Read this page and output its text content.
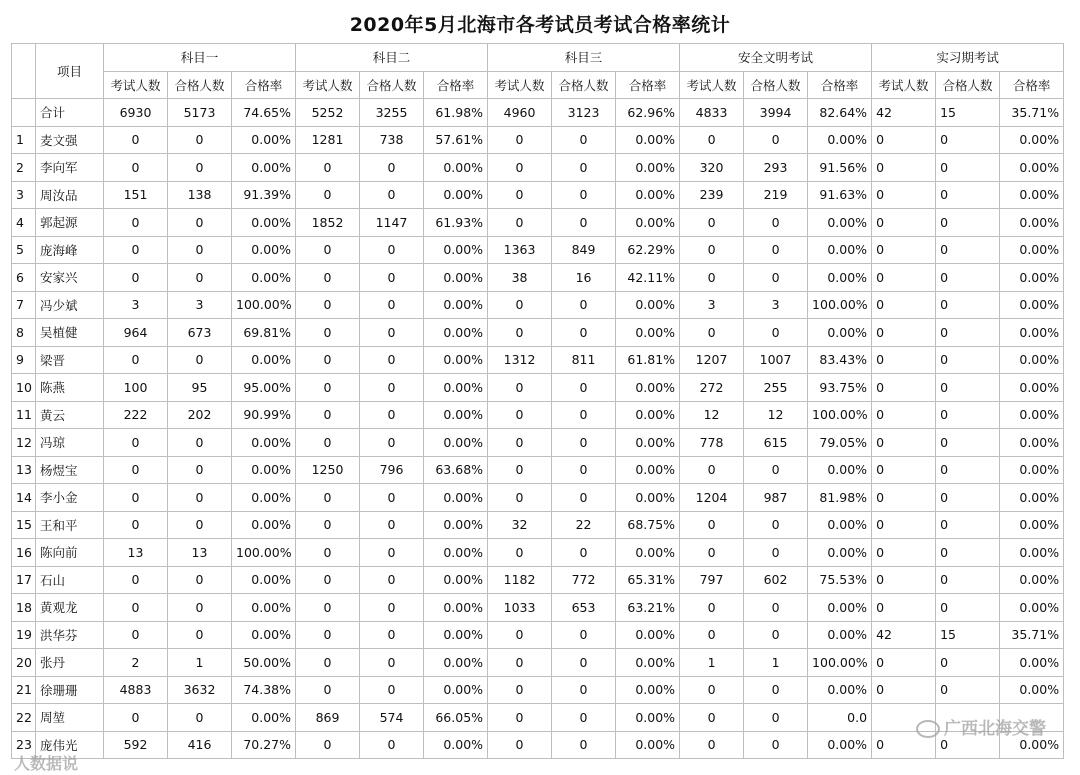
2020年5月北海市各考试员考试合格率统计
	项目	科目一			科目二			科目三			安全文明考试			实习期考试		
		考试人数	合格人数	合格率	考试人数	合格人数	合格率	考试人数	合格人数	合格率	考试人数	合格人数	合格率	考试人数	合格人数	合格率
	合计	6930	5173	74.65%	5252	3255	61.98%	4960	3123	62.96%	4833	3994	82.64%	42	15	35.71%
1	麦文强	0	0	0.00%	1281	738	57.61%	0	0	0.00%	0	0	0.00%	0	0	0.00%
2	李向军	0	0	0.00%	0	0	0.00%	0	0	0.00%	320	293	91.56%	0	0	0.00%
3	周汝品	151	138	91.39%	0	0	0.00%	0	0	0.00%	239	219	91.63%	0	0	0.00%
4	郭起源	0	0	0.00%	1852	1147	61.93%	0	0	0.00%	0	0	0.00%	0	0	0.00%
5	庞海峰	0	0	0.00%	0	0	0.00%	1363	849	62.29%	0	0	0.00%	0	0	0.00%
6	安家兴	0	0	0.00%	0	0	0.00%	38	16	42.11%	0	0	0.00%	0	0	0.00%
7	冯少斌	3	3	100.00%	0	0	0.00%	0	0	0.00%	3	3	100.00%	0	0	0.00%
8	吴植健	964	673	69.81%	0	0	0.00%	0	0	0.00%	0	0	0.00%	0	0	0.00%
9	梁晋	0	0	0.00%	0	0	0.00%	1312	811	61.81%	1207	1007	83.43%	0	0	0.00%
10	陈燕	100	95	95.00%	0	0	0.00%	0	0	0.00%	272	255	93.75%	0	0	0.00%
11	黄云	222	202	90.99%	0	0	0.00%	0	0	0.00%	12	12	100.00%	0	0	0.00%
12	冯琼	0	0	0.00%	0	0	0.00%	0	0	0.00%	778	615	79.05%	0	0	0.00%
13	杨煜宝	0	0	0.00%	1250	796	63.68%	0	0	0.00%	0	0	0.00%	0	0	0.00%
14	李小金	0	0	0.00%	0	0	0.00%	0	0	0.00%	1204	987	81.98%	0	0	0.00%
15	王和平	0	0	0.00%	0	0	0.00%	32	22	68.75%	0	0	0.00%	0	0	0.00%
16	陈向前	13	13	100.00%	0	0	0.00%	0	0	0.00%	0	0	0.00%	0	0	0.00%
17	石山	0	0	0.00%	0	0	0.00%	1182	772	65.31%	797	602	75.53%	0	0	0.00%
18	黄观龙	0	0	0.00%	0	0	0.00%	1033	653	63.21%	0	0	0.00%	0	0	0.00%
19	洪华芬	0	0	0.00%	0	0	0.00%	0	0	0.00%	0	0	0.00%	42	15	35.71%
20	张丹	2	1	50.00%	0	0	0.00%	0	0	0.00%	1	1	100.00%	0	0	0.00%
21	徐珊珊	4883	3632	74.38%	0	0	0.00%	0	0	0.00%	0	0	0.00%	0	0	0.00%
22	周堃	0	0	0.00%	869	574	66.05%	0	0	0.00%	0	0	0.0			
23	庞伟光	592	416	70.27%	0	0	0.00%	0	0	0.00%	0	0	0.00%	0	0	0.00%
广西北海交警
人数据说
